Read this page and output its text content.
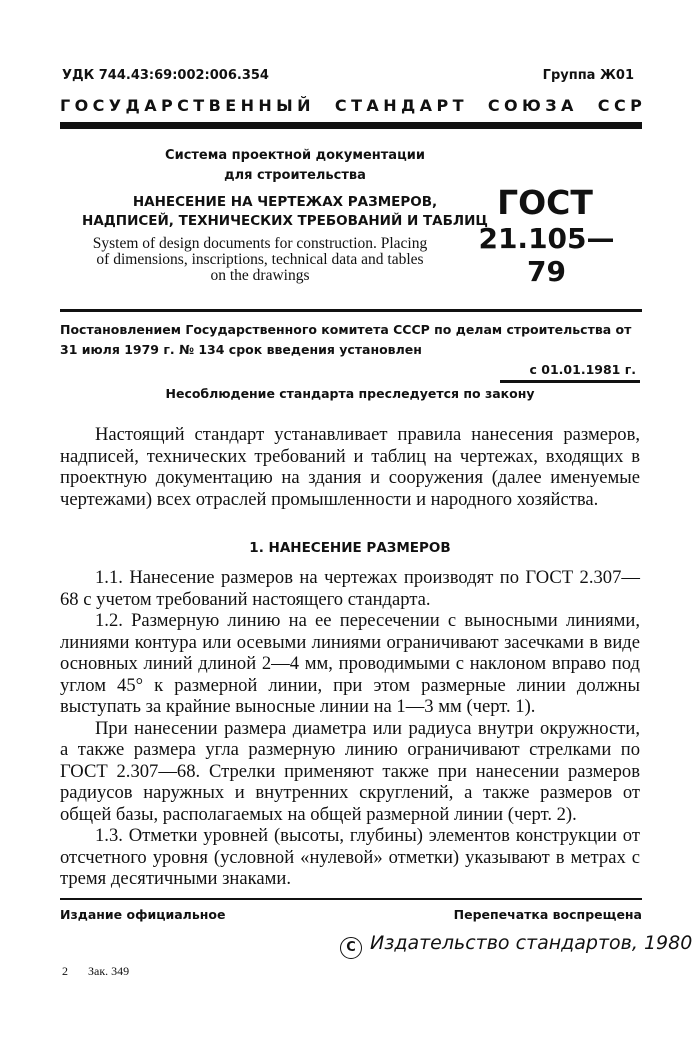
УДК 744.43:69:002:006.354	Группа Ж01
Г О С У Д А Р С Т В Е Н Н Ы Й

С Т А Н Д А Р Т

С О Ю З А

С С Р
Система проектной документации
для строительства
НАНЕСЕНИЕ НА ЧЕРТЕЖАХ РАЗМЕРОВ,
НАДПИСЕЙ, ТЕХНИЧЕСКИХ ТРЕБОВАНИЙ И ТАБЛИЦ
System of design documents for construction. Placing
of dimensions, inscriptions, technical data and tables
on the drawings
ГОСТ
21.105—79
Постановлением Государственного комитета СССР по делам строительства от
31 июля 1979 г. № 134 срок введения установлен
с 01.01.1981 г.
Несоблюдение стандарта преследуется по закону

Настоящий стандарт устанавливает правила нанесения размеров, надписей, технических требований и таблиц на чертежах, входящих в проектную документацию на здания и сооружения (далее именуемые чертежами) всех отраслей промышленности и народного хозяйства.

1. НАНЕСЕНИЕ РАЗМЕРОВ

1.1. Нанесение размеров на чертежах производят по ГОСТ 2.307—68 с учетом требований настоящего стандарта.

1.2. Размерную линию на ее пересечении с выносными линиями, линиями контура или осевыми линиями ограничивают засечками в виде основных линий длиной 2—4 мм, проводимыми с наклоном вправо под углом 45° к размерной линии, при этом размерные линии должны выступать за крайние выносные линии на 1—3 мм (черт. 1).

При нанесении размера диаметра или радиуса внутри окружности, а также размера угла размерную линию ограничивают стрелками по ГОСТ 2.307—68. Стрелки применяют также при нанесении размеров радиусов наружных и внутренних скруглений, а также размеров от общей базы, располагаемых на общей размерной линии (черт. 2).

1.3. Отметки уровней (высоты, глубины) элементов конструкции от отсчетного уровня (условной «нулевой» отметки) указывают в метрах с тремя десятичными знаками.

Издание официальное	Перепечатка воспрещена
C Издательство стандартов, 1980
2 Зак. 349
